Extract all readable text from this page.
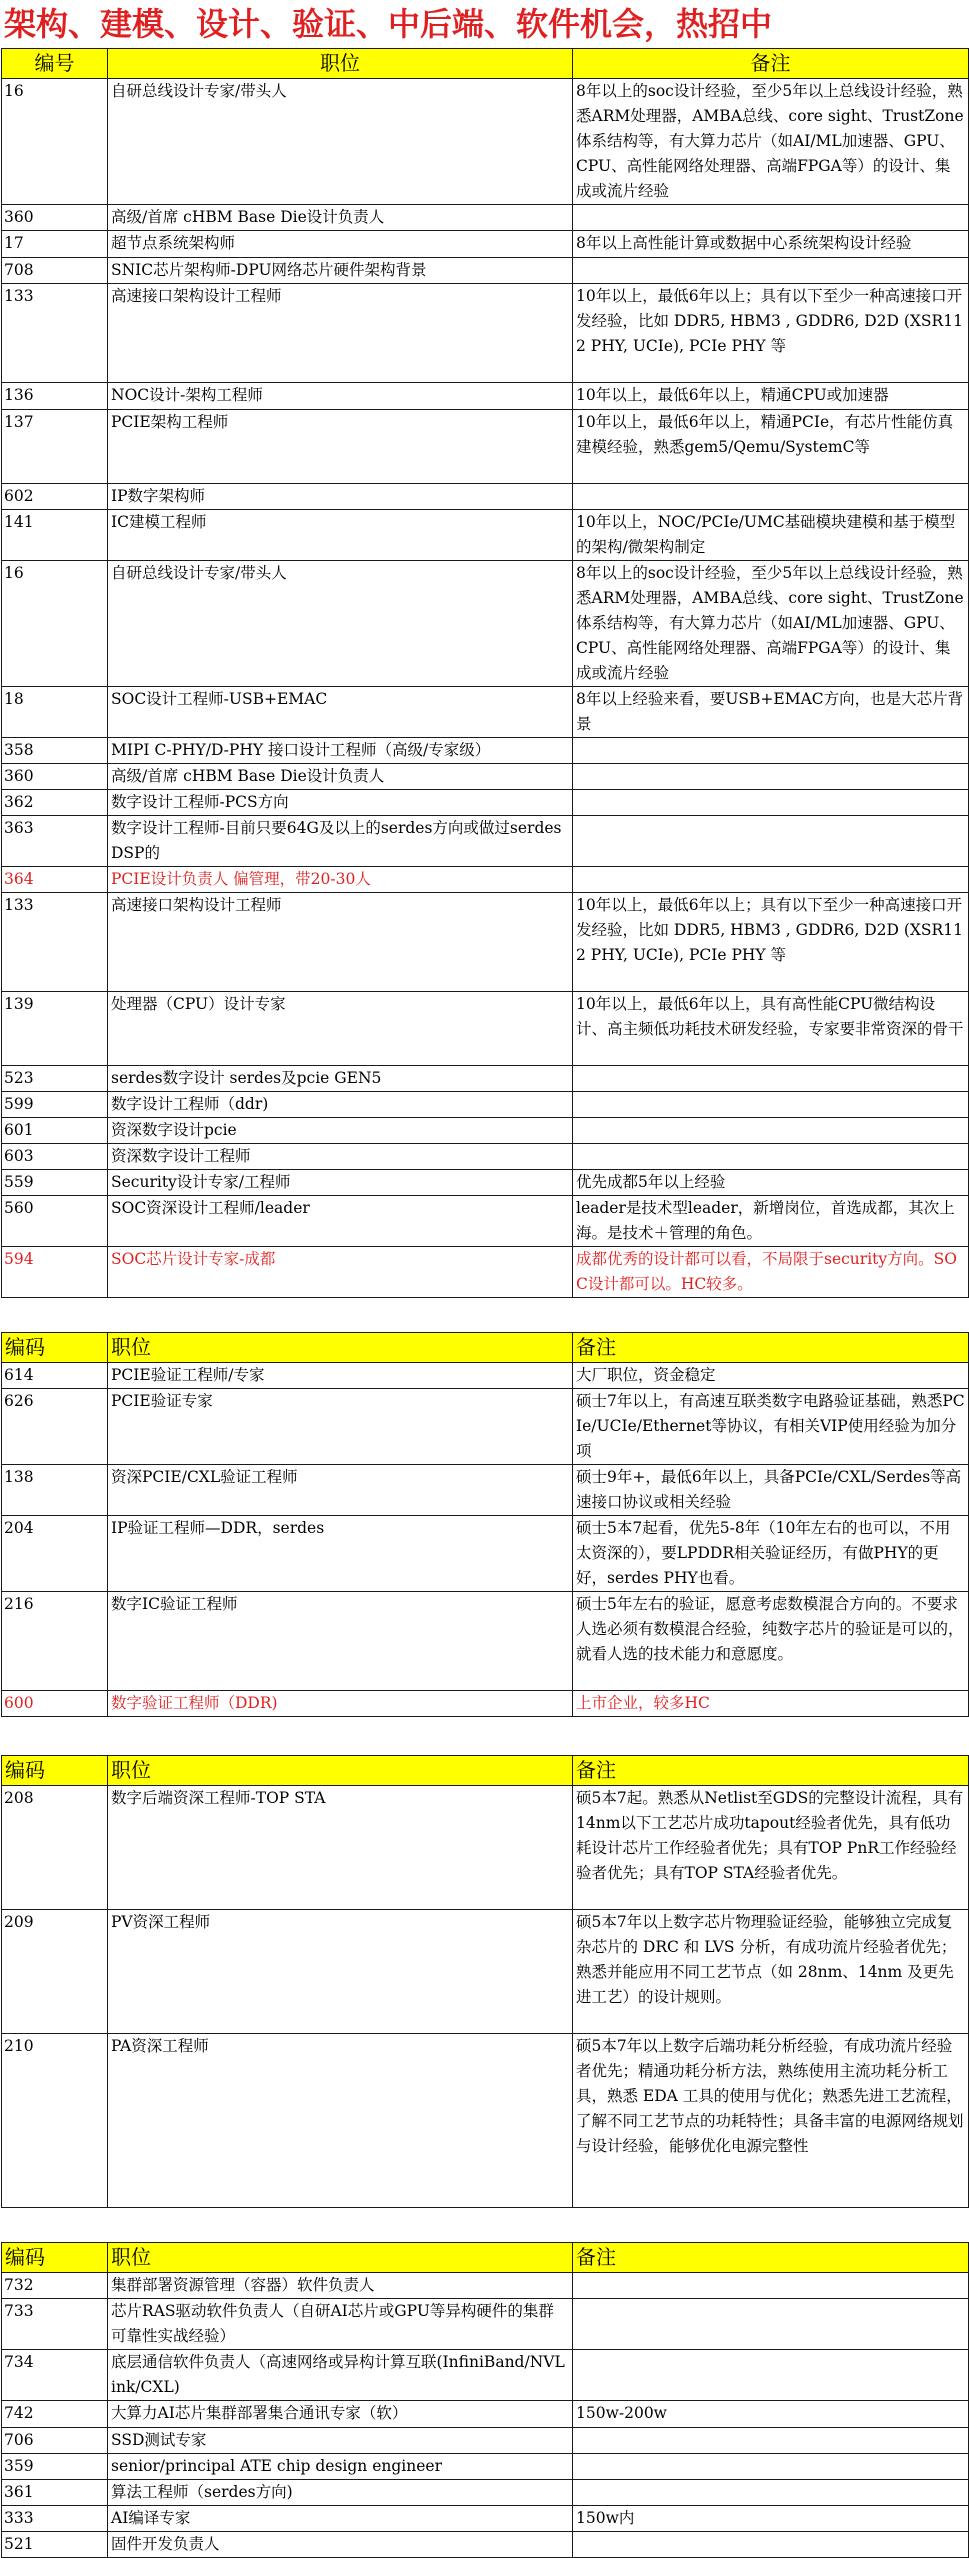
架构、建模、设计、验证、中后端、软件机会，热招中
编号	职位	备注
16	自研总线设计专家/带头人	8年以上的soc设计经验，至少5年以上总线设计经验，熟悉ARM处理器，AMBA总线、core sight、TrustZone体系结构等，有大算力芯片（如AI/ML加速器、GPU、CPU、高性能网络处理器、高端FPGA等）的设计、集成或流片经验
360	高级/首席 cHBM Base Die设计负责人	
17	超节点系统架构师	8年以上高性能计算或数据中心系统架构设计经验
708	SNIC芯片架构师-DPU网络芯片硬件架构背景	
133	高速接口架构设计工程师	10年以上，最低6年以上；具有以下至少一种高速接口开发经验，比如 DDR5, HBM3 , GDDR6, D2D (XSR112 PHY, UCIe), PCIe PHY 等
136	NOC设计-架构工程师	10年以上，最低6年以上，精通CPU或加速器
137	PCIE架构工程师	10年以上，最低6年以上，精通PCIe，有芯片性能仿真建模经验，熟悉gem5/Qemu/SystemC等
602	IP数字架构师	
141	IC建模工程师	10年以上，NOC/PCIe/UMC基础模块建模和基于模型的架构/微架构制定
16	自研总线设计专家/带头人	8年以上的soc设计经验，至少5年以上总线设计经验，熟悉ARM处理器，AMBA总线、core sight、TrustZone体系结构等，有大算力芯片（如AI/ML加速器、GPU、CPU、高性能网络处理器、高端FPGA等）的设计、集成或流片经验
18	SOC设计工程师-USB+EMAC	8年以上经验来看，要USB+EMAC方向，也是大芯片背景
358	MIPI C-PHY/D-PHY 接口设计工程师（高级/专家级）	
360	高级/首席 cHBM Base Die设计负责人	
362	数字设计工程师-PCS方向	
363	数字设计工程师-目前只要64G及以上的serdes方向或做过serdes DSP的	
364	PCIE设计负责人 偏管理，带20-30人	
133	高速接口架构设计工程师	10年以上，最低6年以上；具有以下至少一种高速接口开发经验，比如 DDR5, HBM3 , GDDR6, D2D (XSR112 PHY, UCIe), PCIe PHY 等
139	处理器（CPU）设计专家	10年以上，最低6年以上，具有高性能CPU微结构设计、高主频低功耗技术研发经验，专家要非常资深的骨干
523	serdes数字设计 serdes及pcie GEN5	
599	数字设计工程师（ddr)	
601	资深数字设计pcie	
603	资深数字设计工程师	
559	Security设计专家/工程师	优先成都5年以上经验
560	SOC资深设计工程师/leader	leader是技术型leader，新增岗位，首选成都，其次上海。是技术＋管理的角色。
594	SOC芯片设计专家-成都	成都优秀的设计都可以看，不局限于security方向。SOC设计都可以。HC较多。
编码	职位	备注
614	PCIE验证工程师/专家	大厂职位，资金稳定
626	PCIE验证专家	硕士7年以上，有高速互联类数字电路验证基础，熟悉PCIe/UCIe/Ethernet等协议，有相关VIP使用经验为加分项
138	资深PCIE/CXL验证工程师	硕士9年+，最低6年以上，具备PCIe/CXL/Serdes等高速接口协议或相关经验
204	IP验证工程师—DDR，serdes	硕士5本7起看，优先5-8年（10年左右的也可以，不用太资深的），要LPDDR相关验证经历，有做PHY的更好，serdes PHY也看。
216	数字IC验证工程师	硕士5年左右的验证，愿意考虑数模混合方向的。不要求人选必须有数模混合经验，纯数字芯片的验证是可以的，就看人选的技术能力和意愿度。
600	数字验证工程师（DDR)	上市企业，较多HC
编码	职位	备注
208	数字后端资深工程师-TOP STA	硕5本7起。熟悉从Netlist至GDS的完整设计流程，具有14nm以下工艺芯片成功tapout经验者优先，具有低功耗设计芯片工作经验者优先；具有TOP PnR工作经验经验者优先；具有TOP STA经验者优先。
209	PV资深工程师	硕5本7年以上数字芯片物理验证经验，能够独立完成复杂芯片的 DRC 和 LVS 分析，有成功流片经验者优先；熟悉并能应用不同工艺节点（如 28nm、14nm 及更先进工艺）的设计规则。
210	PA资深工程师	硕5本7年以上数字后端功耗分析经验，有成功流片经验者优先；精通功耗分析方法，熟练使用主流功耗分析工具，熟悉 EDA 工具的使用与优化；熟悉先进工艺流程，了解不同工艺节点的功耗特性；具备丰富的电源网络规划与设计经验，能够优化电源完整性
编码	职位	备注
732	集群部署资源管理（容器）软件负责人	
733	芯片RAS驱动软件负责人（自研AI芯片或GPU等异构硬件的集群可靠性实战经验）	
734	底层通信软件负责人（高速网络或异构计算互联(InfiniBand/NVLink/CXL)	
742	大算力AI芯片集群部署集合通讯专家（软）	150w-200w
706	SSD测试专家	
359	senior/principal ATE chip design engineer	
361	算法工程师（serdes方向)	
333	AI编译专家	150w内
521	固件开发负责人	
